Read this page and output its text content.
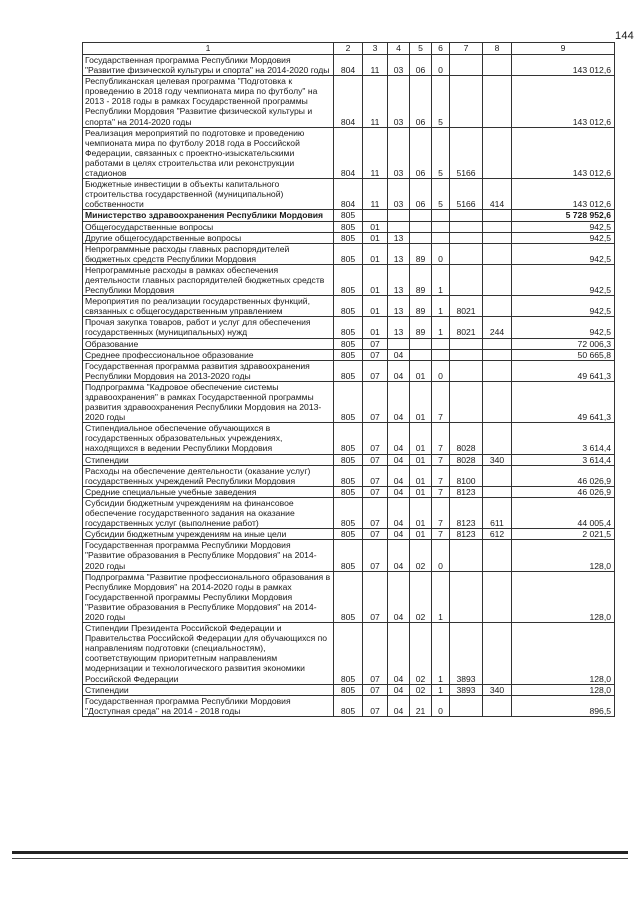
144
1	2	3	4	5	6	7	8	9
Государственная программа Республики Мордовия "Развитие физической культуры и спорта" на 2014-2020 годы	804	11	03	06	0			143 012,6
Республиканская целевая программа "Подготовка к проведению в 2018 году чемпионата мира по футболу" на 2013 - 2018 годы в рамках Государственной программы Республики Мордовия "Развитие физической культуры и спорта" на 2014-2020 годы	804	11	03	06	5			143 012,6
Реализация мероприятий по подготовке и проведению чемпионата мира по футболу 2018 года в Российской Федерации, связанных с проектно-изыскательскими работами в целях строительства или реконструкции стадионов	804	11	03	06	5	5166		143 012,6
Бюджетные инвестиции в объекты капитального строительства государственной (муниципальной) собственности	804	11	03	06	5	5166	414	143 012,6
Министерство здравоохранения Республики Мордовия	805							5 728 952,6
Общегосударственные вопросы	805	01						942,5
Другие общегосударственные вопросы	805	01	13					942,5
Непрограммные расходы главных распорядителей бюджетных средств Республики Мордовия	805	01	13	89	0			942,5
Непрограммные расходы в рамках обеспечения деятельности главных распорядителей бюджетных средств Республики Мордовия	805	01	13	89	1			942,5
Мероприятия по реализации государственных функций, связанных с общегосударственным управлением	805	01	13	89	1	8021		942,5
Прочая закупка товаров, работ и услуг для обеспечения государственных (муниципальных) нужд	805	01	13	89	1	8021	244	942,5
Образование	805	07						72 006,3
Среднее профессиональное образование	805	07	04					50 665,8
Государственная программа развития здравоохранения Республики Мордовия на 2013-2020 годы	805	07	04	01	0			49 641,3
Подпрограмма "Кадровое обеспечение системы здравоохранения" в рамках Государственной программы развития здравоохранения Республики Мордовия на 2013-2020 годы	805	07	04	01	7			49 641,3
Стипендиальное обеспечение обучающихся в государственных образовательных учреждениях, находящихся в ведении Республики Мордовия	805	07	04	01	7	8028		3 614,4
Стипендии	805	07	04	01	7	8028	340	3 614,4
Расходы на обеспечение деятельности (оказание услуг) государственных учреждений Республики Мордовия	805	07	04	01	7	8100		46 026,9
Средние специальные учебные заведения	805	07	04	01	7	8123		46 026,9
Субсидии бюджетным учреждениям на финансовое обеспечение государственного задания на оказание государственных услуг (выполнение работ)	805	07	04	01	7	8123	611	44 005,4
Субсидии бюджетным учреждениям на иные цели	805	07	04	01	7	8123	612	2 021,5
Государственная программа Республики Мордовия "Развитие образования в Республике Мордовия" на 2014-2020 годы	805	07	04	02	0			128,0
Подпрограмма "Развитие профессионального образования в Республике Мордовия" на 2014-2020 годы в рамках Государственной программы Республики Мордовия "Развитие образования в Республике Мордовия" на 2014-2020 годы	805	07	04	02	1			128,0
Стипендии Президента Российской Федерации и Правительства Российской Федерации для обучающихся по направлениям подготовки (специальностям), соответствующим приоритетным направлениям модернизации и технологического развития экономики Российской Федерации	805	07	04	02	1	3893		128,0
Стипендии	805	07	04	02	1	3893	340	128,0
Государственная программа Республики Мордовия "Доступная среда" на 2014 - 2018 годы	805	07	04	21	0			896,5
